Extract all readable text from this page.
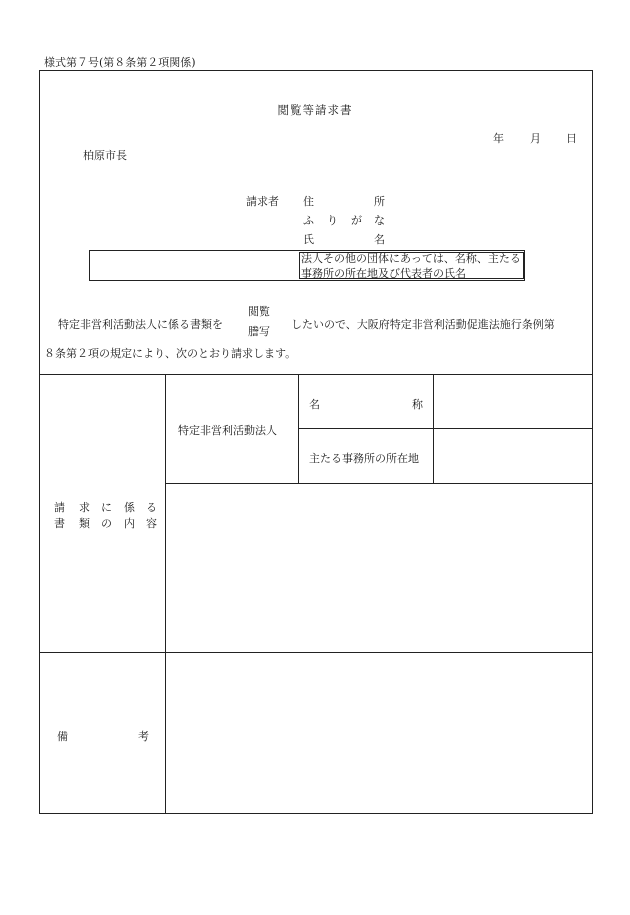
様式第７号(第８条第２項関係)
閲覧等請求書
年 月 日
柏原市長
請求者 住	所
ふ り が な
氏	名
法人その他の団体にあっては、名称、主たる事務所の所在地及び代表者の氏名
特定非営利活動法人に係る書類を
閲覧
謄写
したいので、大阪府特定非営利活動促進法施行条例第
８条第２項の規定により、次のとおり請求します。
請 求 に 係 る
書 類 の 内 容
特定非営利活動法人
名	称
主たる事務所の所在地
備	考
